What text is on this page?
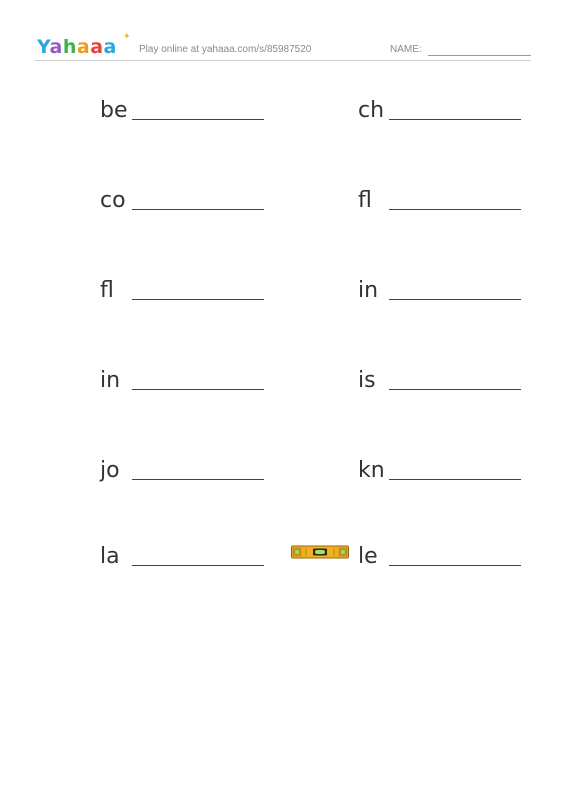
Yahaaa ✦
Play online at yahaaa.com/s/85987520	NAME:
be
co
fl
in
jo
la
ch
fl
in
is
kn
le
